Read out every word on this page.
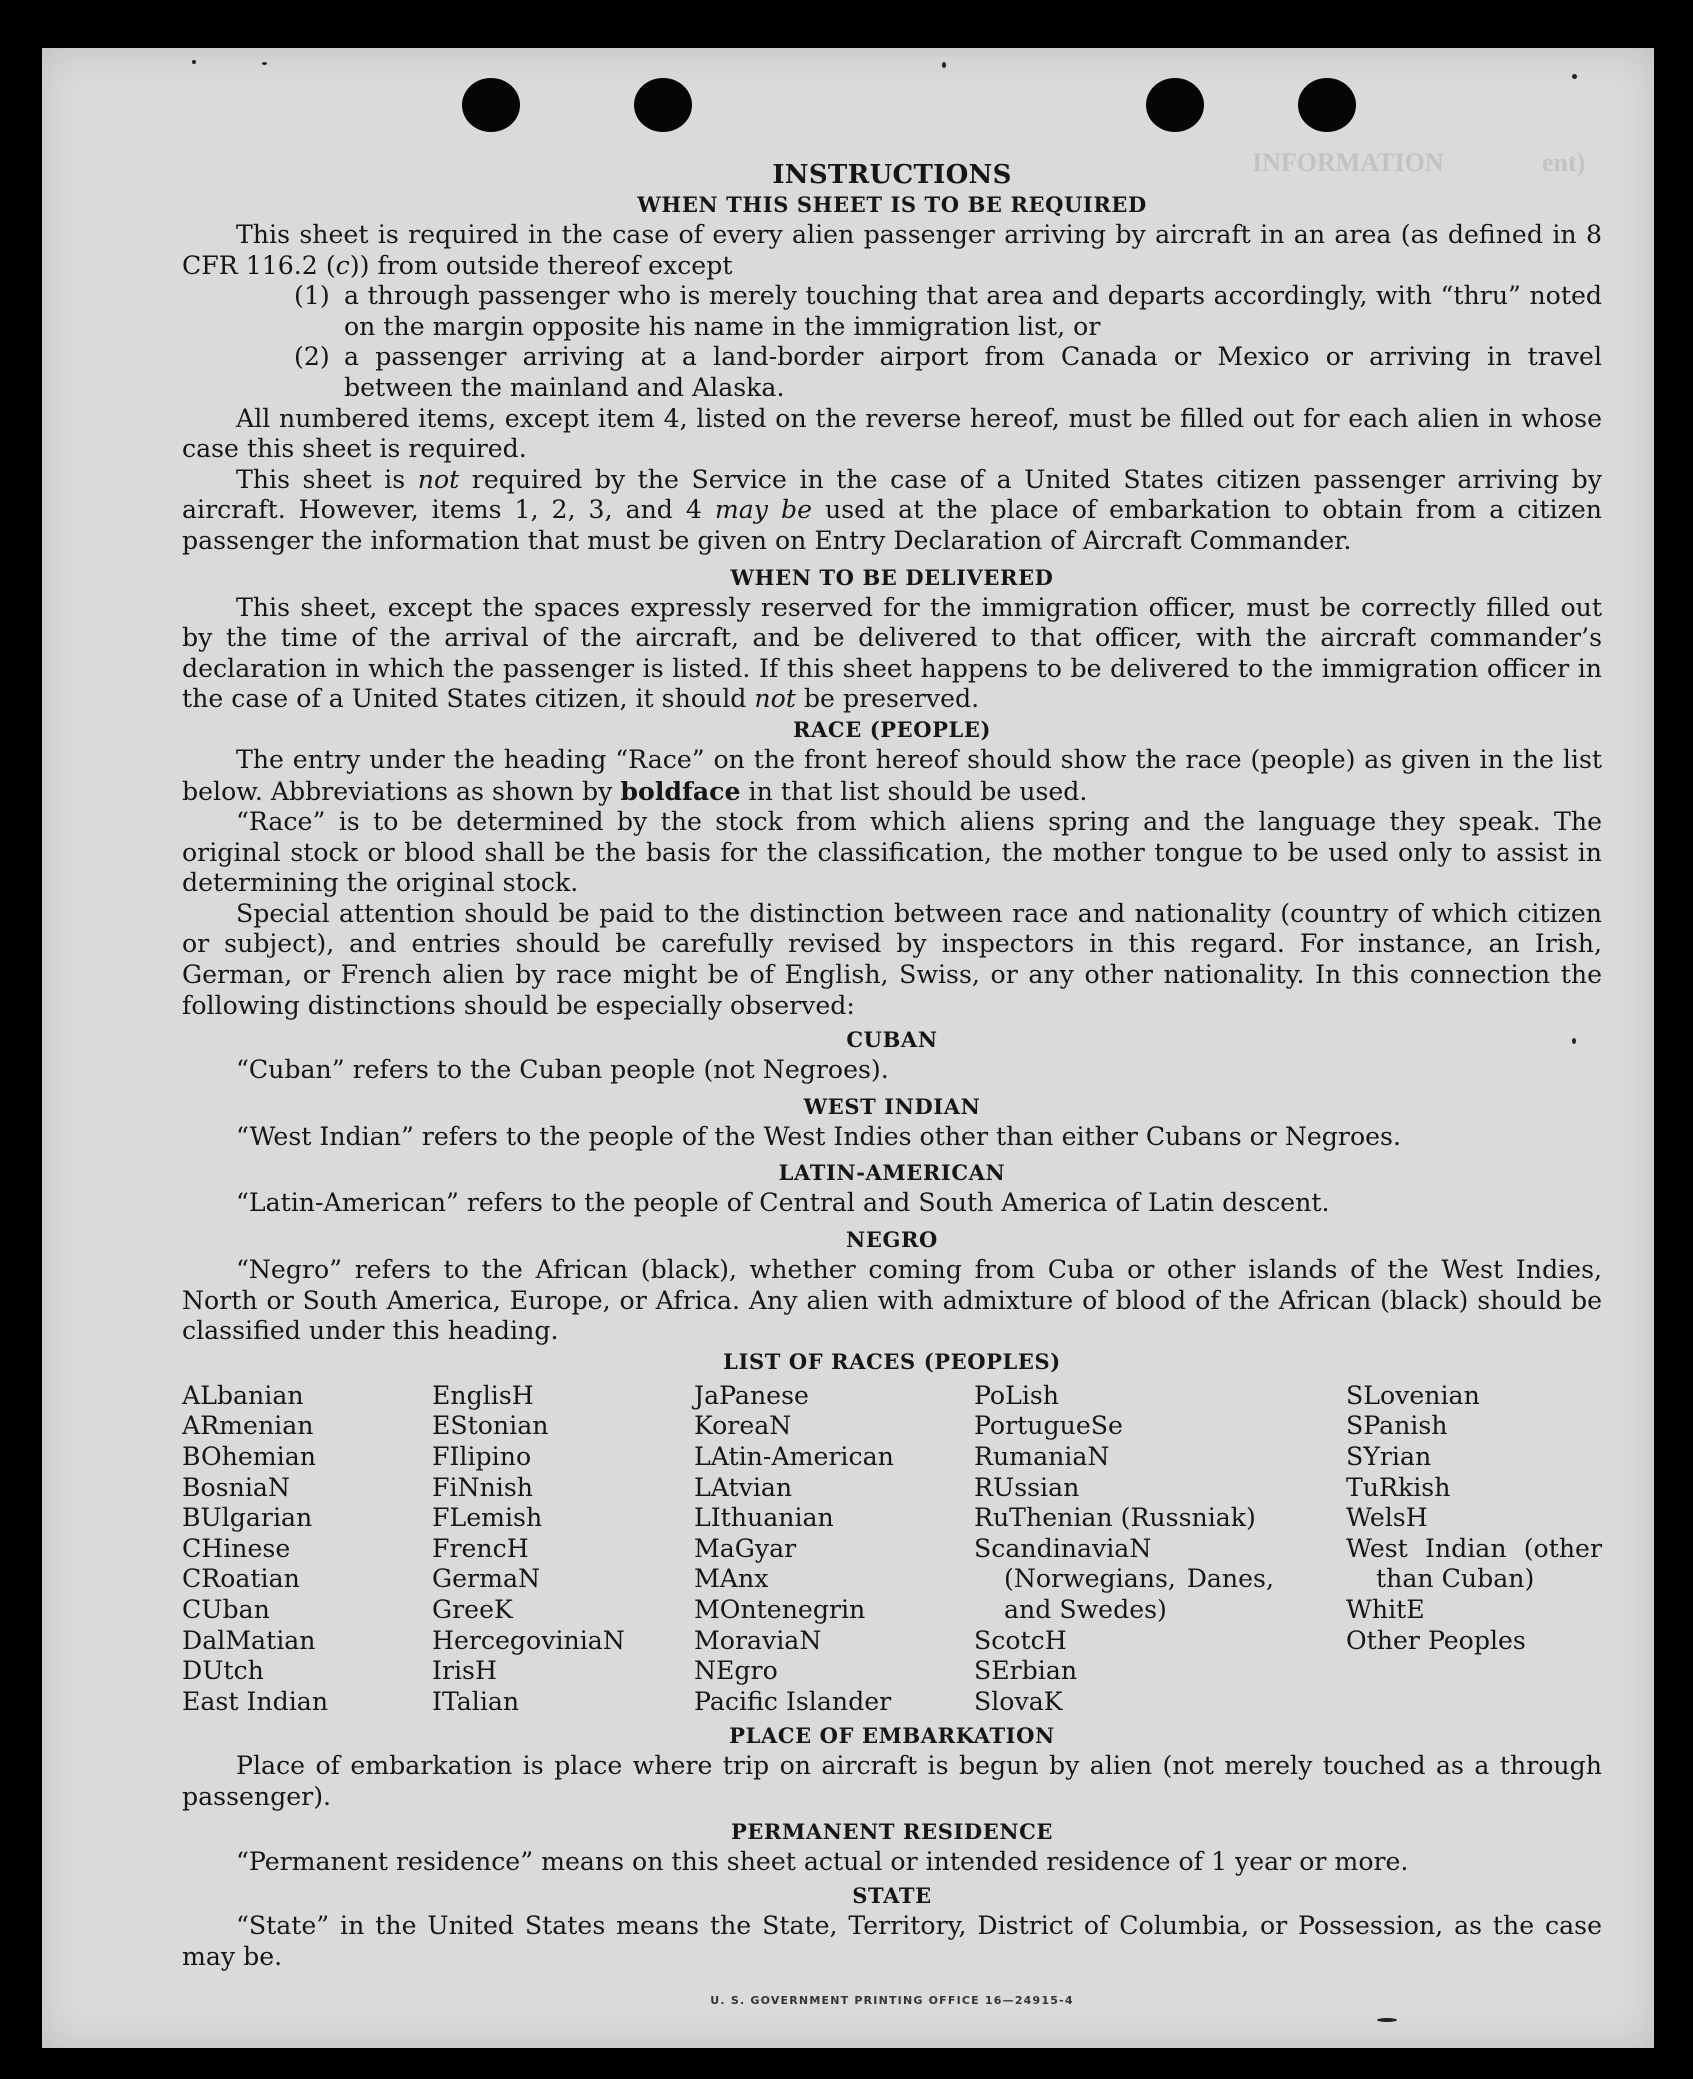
INFORMATION	ent)
INSTRUCTIONS
WHEN THIS SHEET IS TO BE REQUIRED

This sheet is required in the case of every alien passenger arriving by aircraft in an area (as defined in 8 CFR 116.2 (c)) from outside thereof except

(1) a through passenger who is merely touching that area and departs accordingly, with “thru” noted on the margin opposite his name in the immigration list, or
(2) a passenger arriving at a land-border airport from Canada or Mexico or arriving in travel between the mainland and Alaska.

All numbered items, except item 4, listed on the reverse hereof, must be filled out for each alien in whose case this sheet is required.

This sheet is not required by the Service in the case of a United States citizen passenger arriving by aircraft. However, items 1, 2, 3, and 4 may be used at the place of embarkation to obtain from a citizen passenger the information that must be given on Entry Declaration of Aircraft Commander.

WHEN TO BE DELIVERED

This sheet, except the spaces expressly reserved for the immigration officer, must be correctly filled out by the time of the arrival of the aircraft, and be delivered to that officer, with the aircraft commander’s declaration in which the passenger is listed. If this sheet happens to be delivered to the immigration officer in the case of a United States citizen, it should not be preserved.

RACE (PEOPLE)

The entry under the heading “Race” on the front hereof should show the race (people) as given in the list below. Abbreviations as shown by boldface in that list should be used.

“Race” is to be determined by the stock from which aliens spring and the language they speak. The original stock or blood shall be the basis for the classification, the mother tongue to be used only to assist in determining the original stock.

Special attention should be paid to the distinction between race and nationality (country of which citizen or subject), and entries should be carefully revised by inspectors in this regard. For instance, an Irish, German, or French alien by race might be of English, Swiss, or any other nationality. In this connection the following distinctions should be especially observed:

CUBAN

“Cuban” refers to the Cuban people (not Negroes).

WEST INDIAN

“West Indian” refers to the people of the West Indies other than either Cubans or Negroes.

LATIN-AMERICAN

“Latin-American” refers to the people of Central and South America of Latin descent.

NEGRO

“Negro” refers to the African (black), whether coming from Cuba or other islands of the West Indies, North or South America, Europe, or Africa. Any alien with admixture of blood of the African (black) should be classified under this heading.

LIST OF RACES (PEOPLES)
ALbanian
ARmenian
BOhemian
BosniaN
BUlgarian
CHinese
CRoatian
CUban
DalMatian
DUtch
East Indian
EnglisH
EStonian
FIlipino
FiNnish
FLemish
FrencH
GermaN
GreeK
HercegoviniaN
IrisH
ITalian
JaPanese
KoreaN
LAtin-American
LAtvian
LIthuanian
MaGyar
MAnx
MOntenegrin
MoraviaN
NEgro
Pacific Islander
PoLish
PortugueSe
RumaniaN
RUssian
RuThenian (Russniak)
ScandinaviaN (Norwegians, Danes, and Swedes)
ScotcH
SErbian
SlovaK
SLovenian
SPanish
SYrian
TuRkish
WelsH
West Indian (other than Cuban)
WhitE
Other Peoples
PLACE OF EMBARKATION

Place of embarkation is place where trip on aircraft is begun by alien (not merely touched as a through passenger).

PERMANENT RESIDENCE

“Permanent residence” means on this sheet actual or intended residence of 1 year or more.

STATE

“State” in the United States means the State, Territory, District of Columbia, or Possession, as the case may be.

U. S. GOVERNMENT PRINTING OFFICE 16—24915-4
